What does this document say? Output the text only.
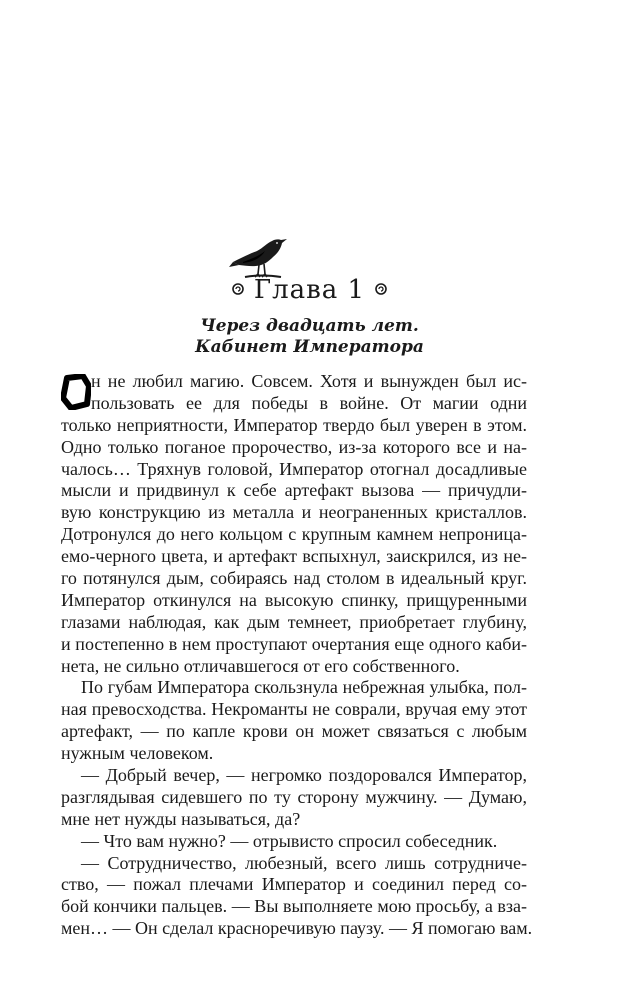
Глава 1
Через двадцать лет.
Кабинет Императора
O
н не любил магию. Совсем. Хотя и вынужден был ис-
пользовать ее для победы в войне. От магии одни
только неприятности, Император твердо был уверен в этом.
Одно только поганое пророчество, из-за которого все и на-
чалось… Тряхнув головой, Император отогнал досадливые
мысли и придвинул к себе артефакт вызова — причудли-
вую конструкцию из металла и неограненных кристаллов.
Дотронулся до него кольцом с крупным камнем непроница-
емо-черного цвета, и артефакт вспыхнул, заискрился, из не-
го потянулся дым, собираясь над столом в идеальный круг.
Император откинулся на высокую спинку, прищуренными
глазами наблюдая, как дым темнеет, приобретает глубину,
и постепенно в нем проступают очертания еще одного каби-
нета, не сильно отличавшегося от его собственного.
По губам Императора скользнула небрежная улыбка, пол-
ная превосходства. Некроманты не соврали, вручая ему этот
артефакт, — по капле крови он может связаться с любым
нужным человеком.
— Добрый вечер, — негромко поздоровался Император,
разглядывая сидевшего по ту сторону мужчину. — Думаю,
мне нет нужды называться, да?
— Что вам нужно? — отрывисто спросил собеседник.
— Сотрудничество, любезный, всего лишь сотрудниче-
ство, — пожал плечами Император и соединил перед со-
бой кончики пальцев. — Вы выполняете мою просьбу, а вза-
мен… — Он сделал красноречивую паузу. — Я помогаю вам.
